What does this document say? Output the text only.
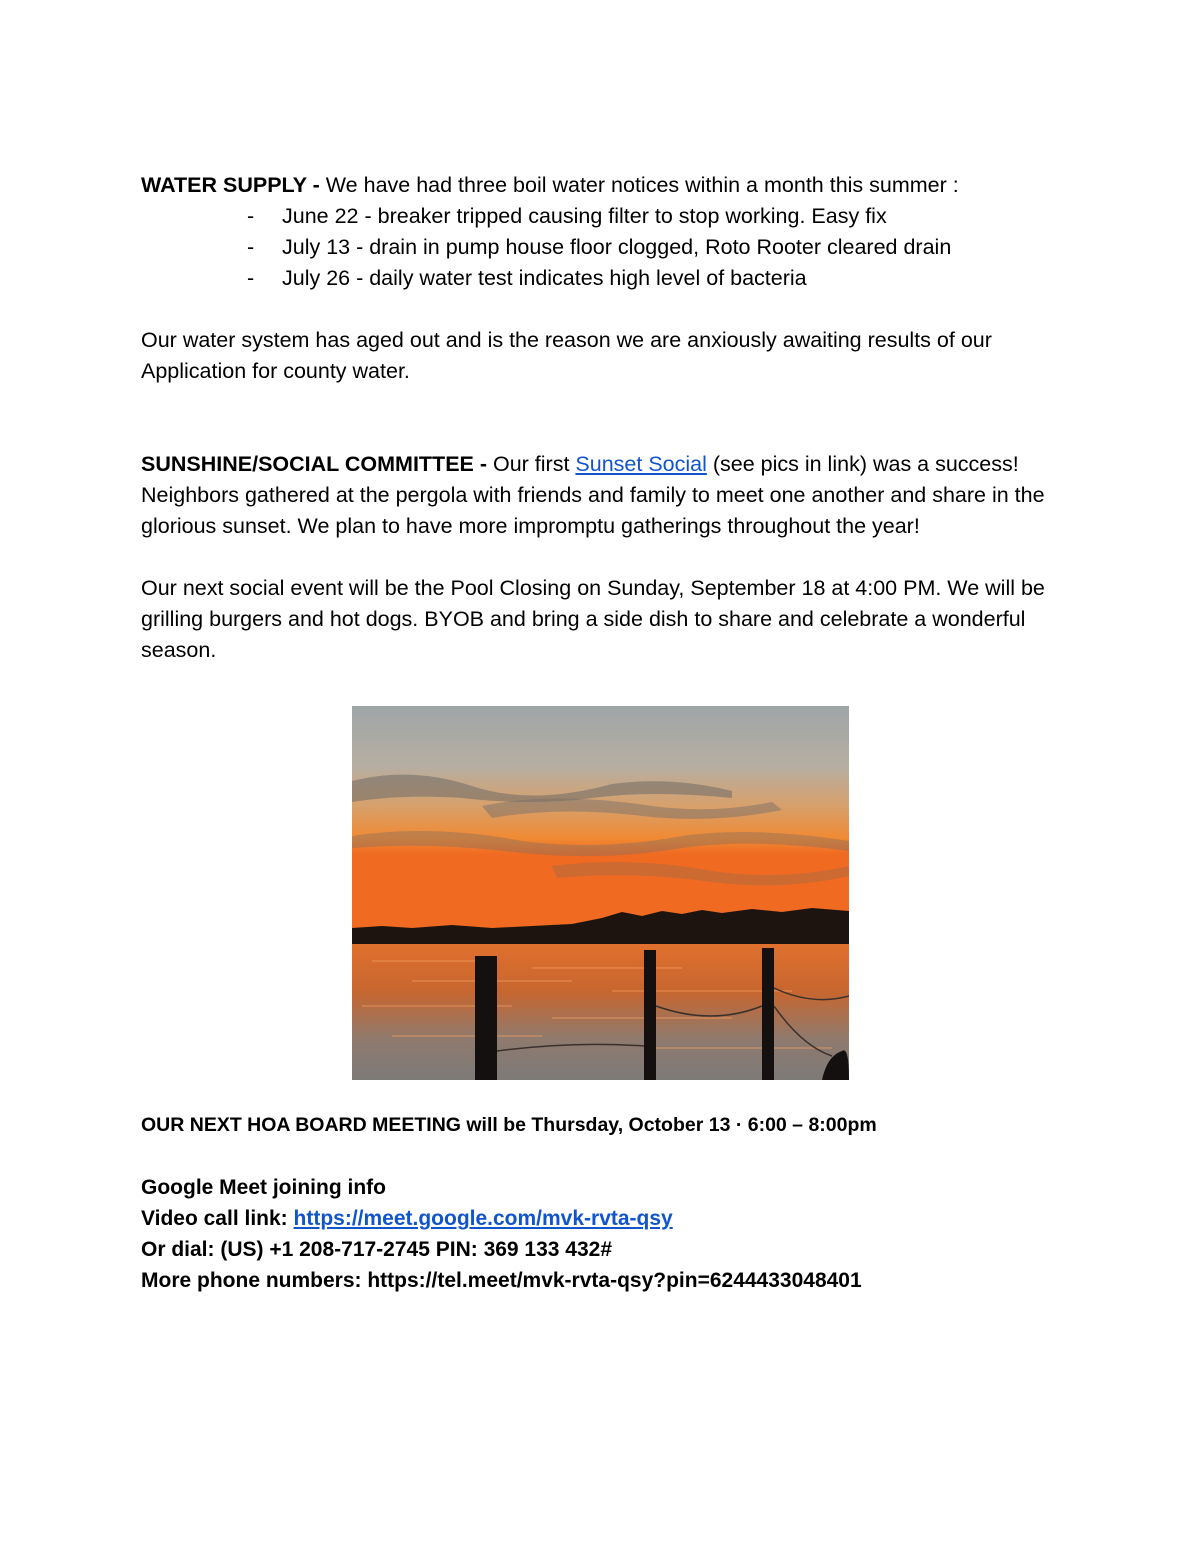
WATER SUPPLY - We have had three boil water notices within a month this summer :

- June 22 - breaker tripped causing filter to stop working. Easy fix
- July 13 - drain in pump house floor clogged, Roto Rooter cleared drain
- July 26 - daily water test indicates high level of bacteria

Our water system has aged out and is the reason we are anxiously awaiting results of our Application for county water.

SUNSHINE/SOCIAL COMMITTEE - Our first Sunset Social (see pics in link) was a success! Neighbors gathered at the pergola with friends and family to meet one another and share in the glorious sunset. We plan to have more impromptu gatherings throughout the year!

Our next social event will be the Pool Closing on Sunday, September 18 at 4:00 PM. We will be grilling burgers and hot dogs. BYOB and bring a side dish to share and celebrate a wonderful season.

OUR NEXT HOA BOARD MEETING will be Thursday, October 13 · 6:00 – 8:00pm

Google Meet joining info

Video call link: https://meet.google.com/mvk-rvta-qsy

Or dial: (US) +1 208-717-2745 PIN: 369 133 432#

More phone numbers: https://tel.meet/mvk-rvta-qsy?pin=6244433048401
